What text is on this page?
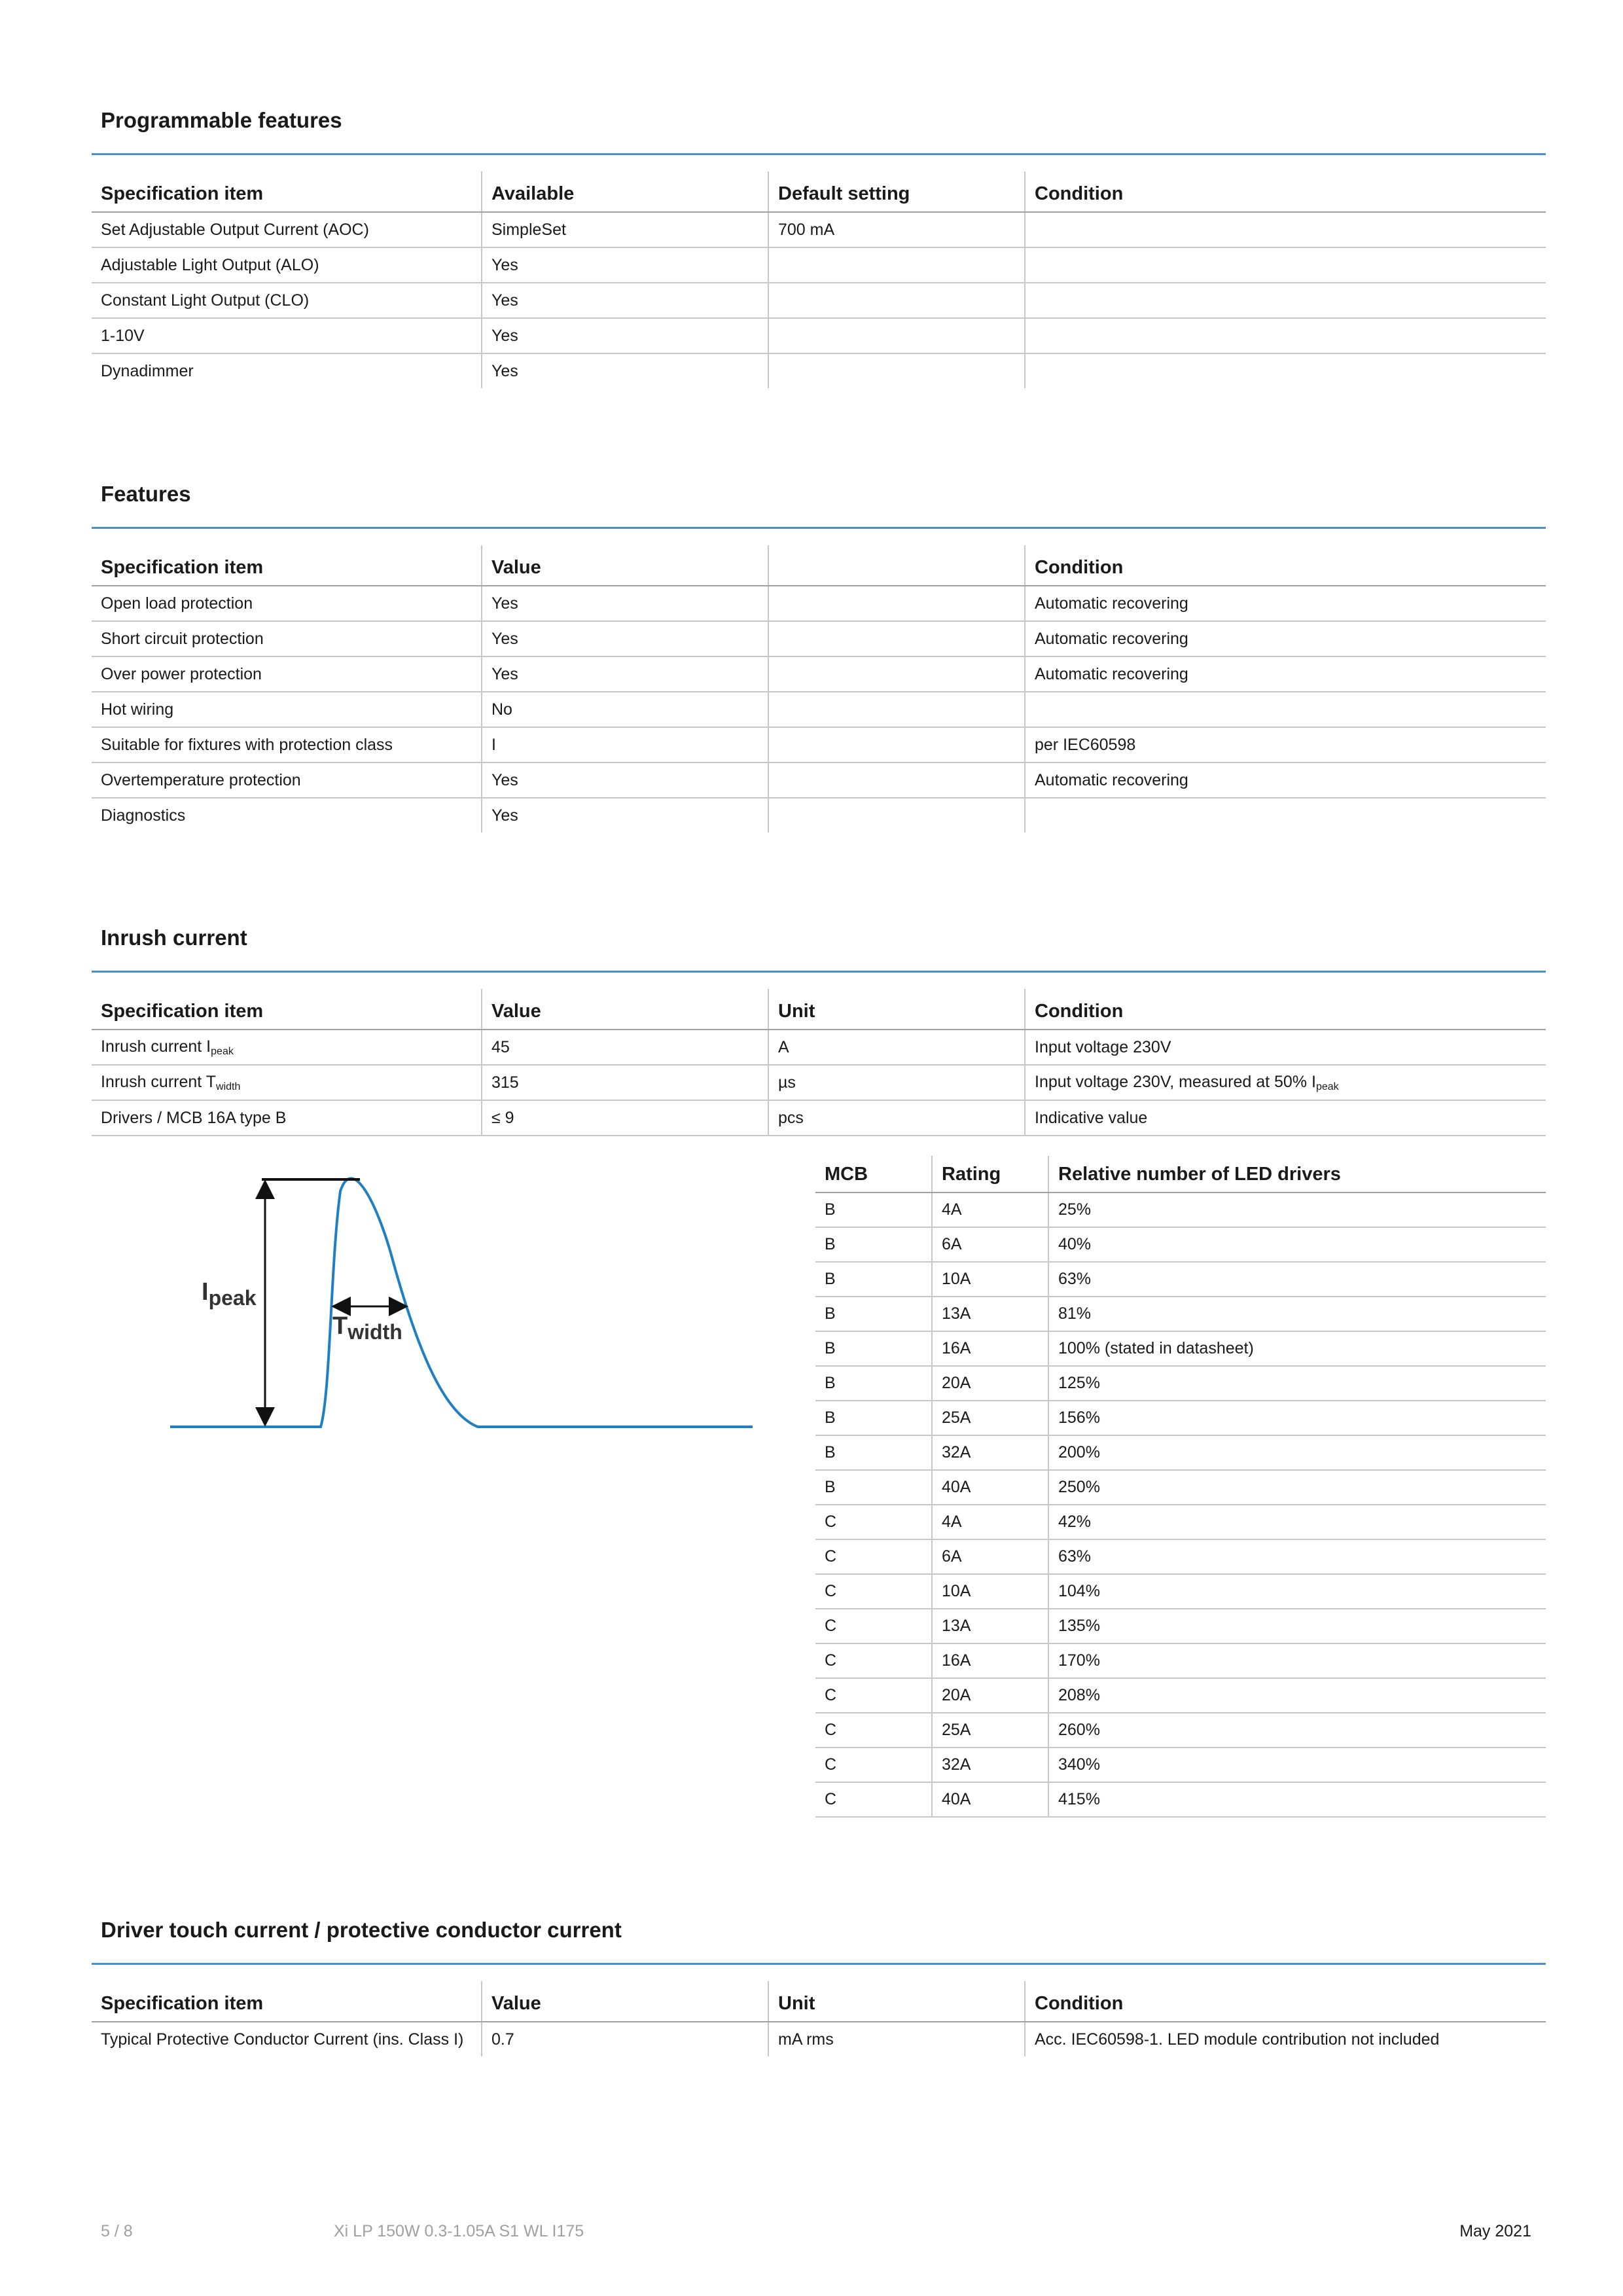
Programmable features
Specification item	Available	Default setting	Condition
Set Adjustable Output Current (AOC)	SimpleSet	700 mA	
Adjustable Light Output (ALO)	Yes		
Constant Light Output (CLO)	Yes		
1-10V	Yes		
Dynadimmer	Yes		
Features
Specification item	Value		Condition
Open load protection	Yes		Automatic recovering
Short circuit protection	Yes		Automatic recovering
Over power protection	Yes		Automatic recovering
Hot wiring	No		
Suitable for fixtures with protection class	I		per IEC60598
Overtemperature protection	Yes		Automatic recovering
Diagnostics	Yes		
Inrush current
Specification item	Value	Unit	Condition
Inrush current $I_{peak}$	45	A	Input voltage 230V
Inrush current $T_{width}$	315	µs	Input voltage 230V, measured at 50% $I_{peak}$
Drivers / MCB 16A type B	≤ 9	pcs	Indicative value
$I_{peak}$
$T_{width}$
MCB	Rating	Relative number of LED drivers
B	4A	25%
B	6A	40%
B	10A	63%
B	13A	81%
B	16A	100% (stated in datasheet)
B	20A	125%
B	25A	156%
B	32A	200%
B	40A	250%
C	4A	42%
C	6A	63%
C	10A	104%
C	13A	135%
C	16A	170%
C	20A	208%
C	25A	260%
C	32A	340%
C	40A	415%
Driver touch current / protective conductor current
Specification item	Value	Unit	Condition
Typical Protective Conductor Current (ins. Class I)	0.7	mA rms	Acc. IEC60598-1. LED module contribution not included
5 / 8	Xi LP 150W 0.3-1.05A S1 WL I175	May 2021
